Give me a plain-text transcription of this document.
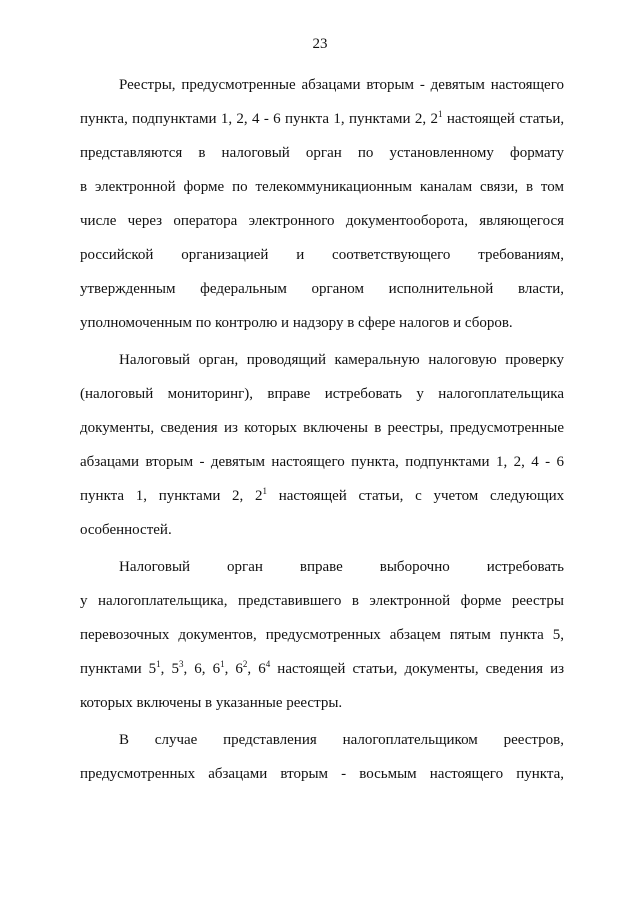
23
Реестры, предусмотренные абзацами вторым - девятым настоящего
пункта, подпунктами 1, 2, 4 - 6 пункта 1, пунктами 2, $2^1$ настоящей статьи,
представляются в налоговый орган по установленному формату
в электронной форме по телекоммуникационным каналам связи, в том
числе через оператора электронного документооборота, являющегося
российской организацией и соответствующего требованиям,
утвержденным федеральным органом исполнительной власти,
уполномоченным по контролю и надзору в сфере налогов и сборов.
Налоговый орган, проводящий камеральную налоговую проверку
(налоговый мониторинг), вправе истребовать у налогоплательщика
документы, сведения из которых включены в реестры, предусмотренные
абзацами вторым - девятым настоящего пункта, подпунктами 1, 2, 4 - 6
пункта 1, пунктами 2, $2^1$ настоящей статьи, с учетом следующих
особенностей.
Налоговый орган вправе выборочно истребовать
у налогоплательщика, представившего в электронной форме реестры
перевозочных документов, предусмотренных абзацем пятым пункта 5,
пунктами $5^1$, $5^3$, 6, $6^1$, $6^2$, $6^4$ настоящей статьи, документы, сведения из
которых включены в указанные реестры.
В случае представления налогоплательщиком реестров,
предусмотренных абзацами вторым - восьмым настоящего пункта,
